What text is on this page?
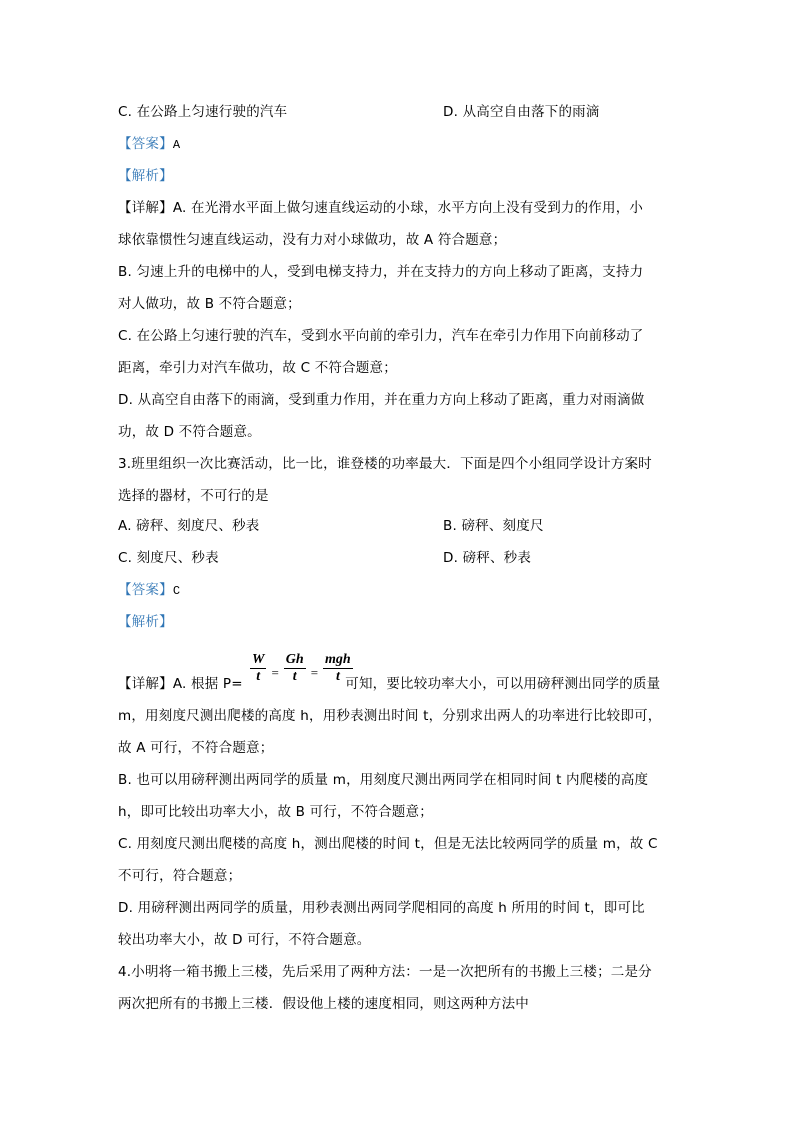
C. 在公路上匀速行驶的汽车	D. 从高空自由落下的雨滴
【答案】A
【解析】
【详解】A. 在光滑水平面上做匀速直线运动的小球，水平方向上没有受到力的作用，小
球依靠惯性匀速直线运动，没有力对小球做功，故 A 符合题意；
B. 匀速上升的电梯中的人，受到电梯支持力，并在支持力的方向上移动了距离，支持力
对人做功，故 B 不符合题意；
C. 在公路上匀速行驶的汽车，受到水平向前的牵引力，汽车在牵引力作用下向前移动了
距离，牵引力对汽车做功，故 C 不符合题意；
D. 从高空自由落下的雨滴，受到重力作用，并在重力方向上移动了距离，重力对雨滴做
功，故 D 不符合题意。
3.班里组织一次比赛活动，比一比，谁登楼的功率最大．下面是四个小组同学设计方案时
选择的器材，不可行的是
A. 磅秤、刻度尺、秒表	B. 磅秤、刻度尺
C. 刻度尺、秒表	D. 磅秤、秒表
【答案】C
【解析】
$\frac{W}{t} = \frac{Gh}{t} = \frac{\text{mgh}}{t}$
【详解】A. 根据 P=	可知，要比较功率大小，可以用磅秤测出同学的质量
m，用刻度尺测出爬楼的高度 h，用秒表测出时间 t，分别求出两人的功率进行比较即可，
故 A 可行，不符合题意；
B. 也可以用磅秤测出两同学的质量 m，用刻度尺测出两同学在相同时间 t 内爬楼的高度
h，即可比较出功率大小，故 B 可行，不符合题意；
C. 用刻度尺测出爬楼的高度 h，测出爬楼的时间 t，但是无法比较两同学的质量 m，故 C
不可行，符合题意；
D. 用磅秤测出两同学的质量，用秒表测出两同学爬相同的高度 h 所用的时间 t，即可比
较出功率大小，故 D 可行，不符合题意。
4.小明将一箱书搬上三楼，先后采用了两种方法：一是一次把所有的书搬上三楼；二是分
两次把所有的书搬上三楼．假设他上楼的速度相同，则这两种方法中
